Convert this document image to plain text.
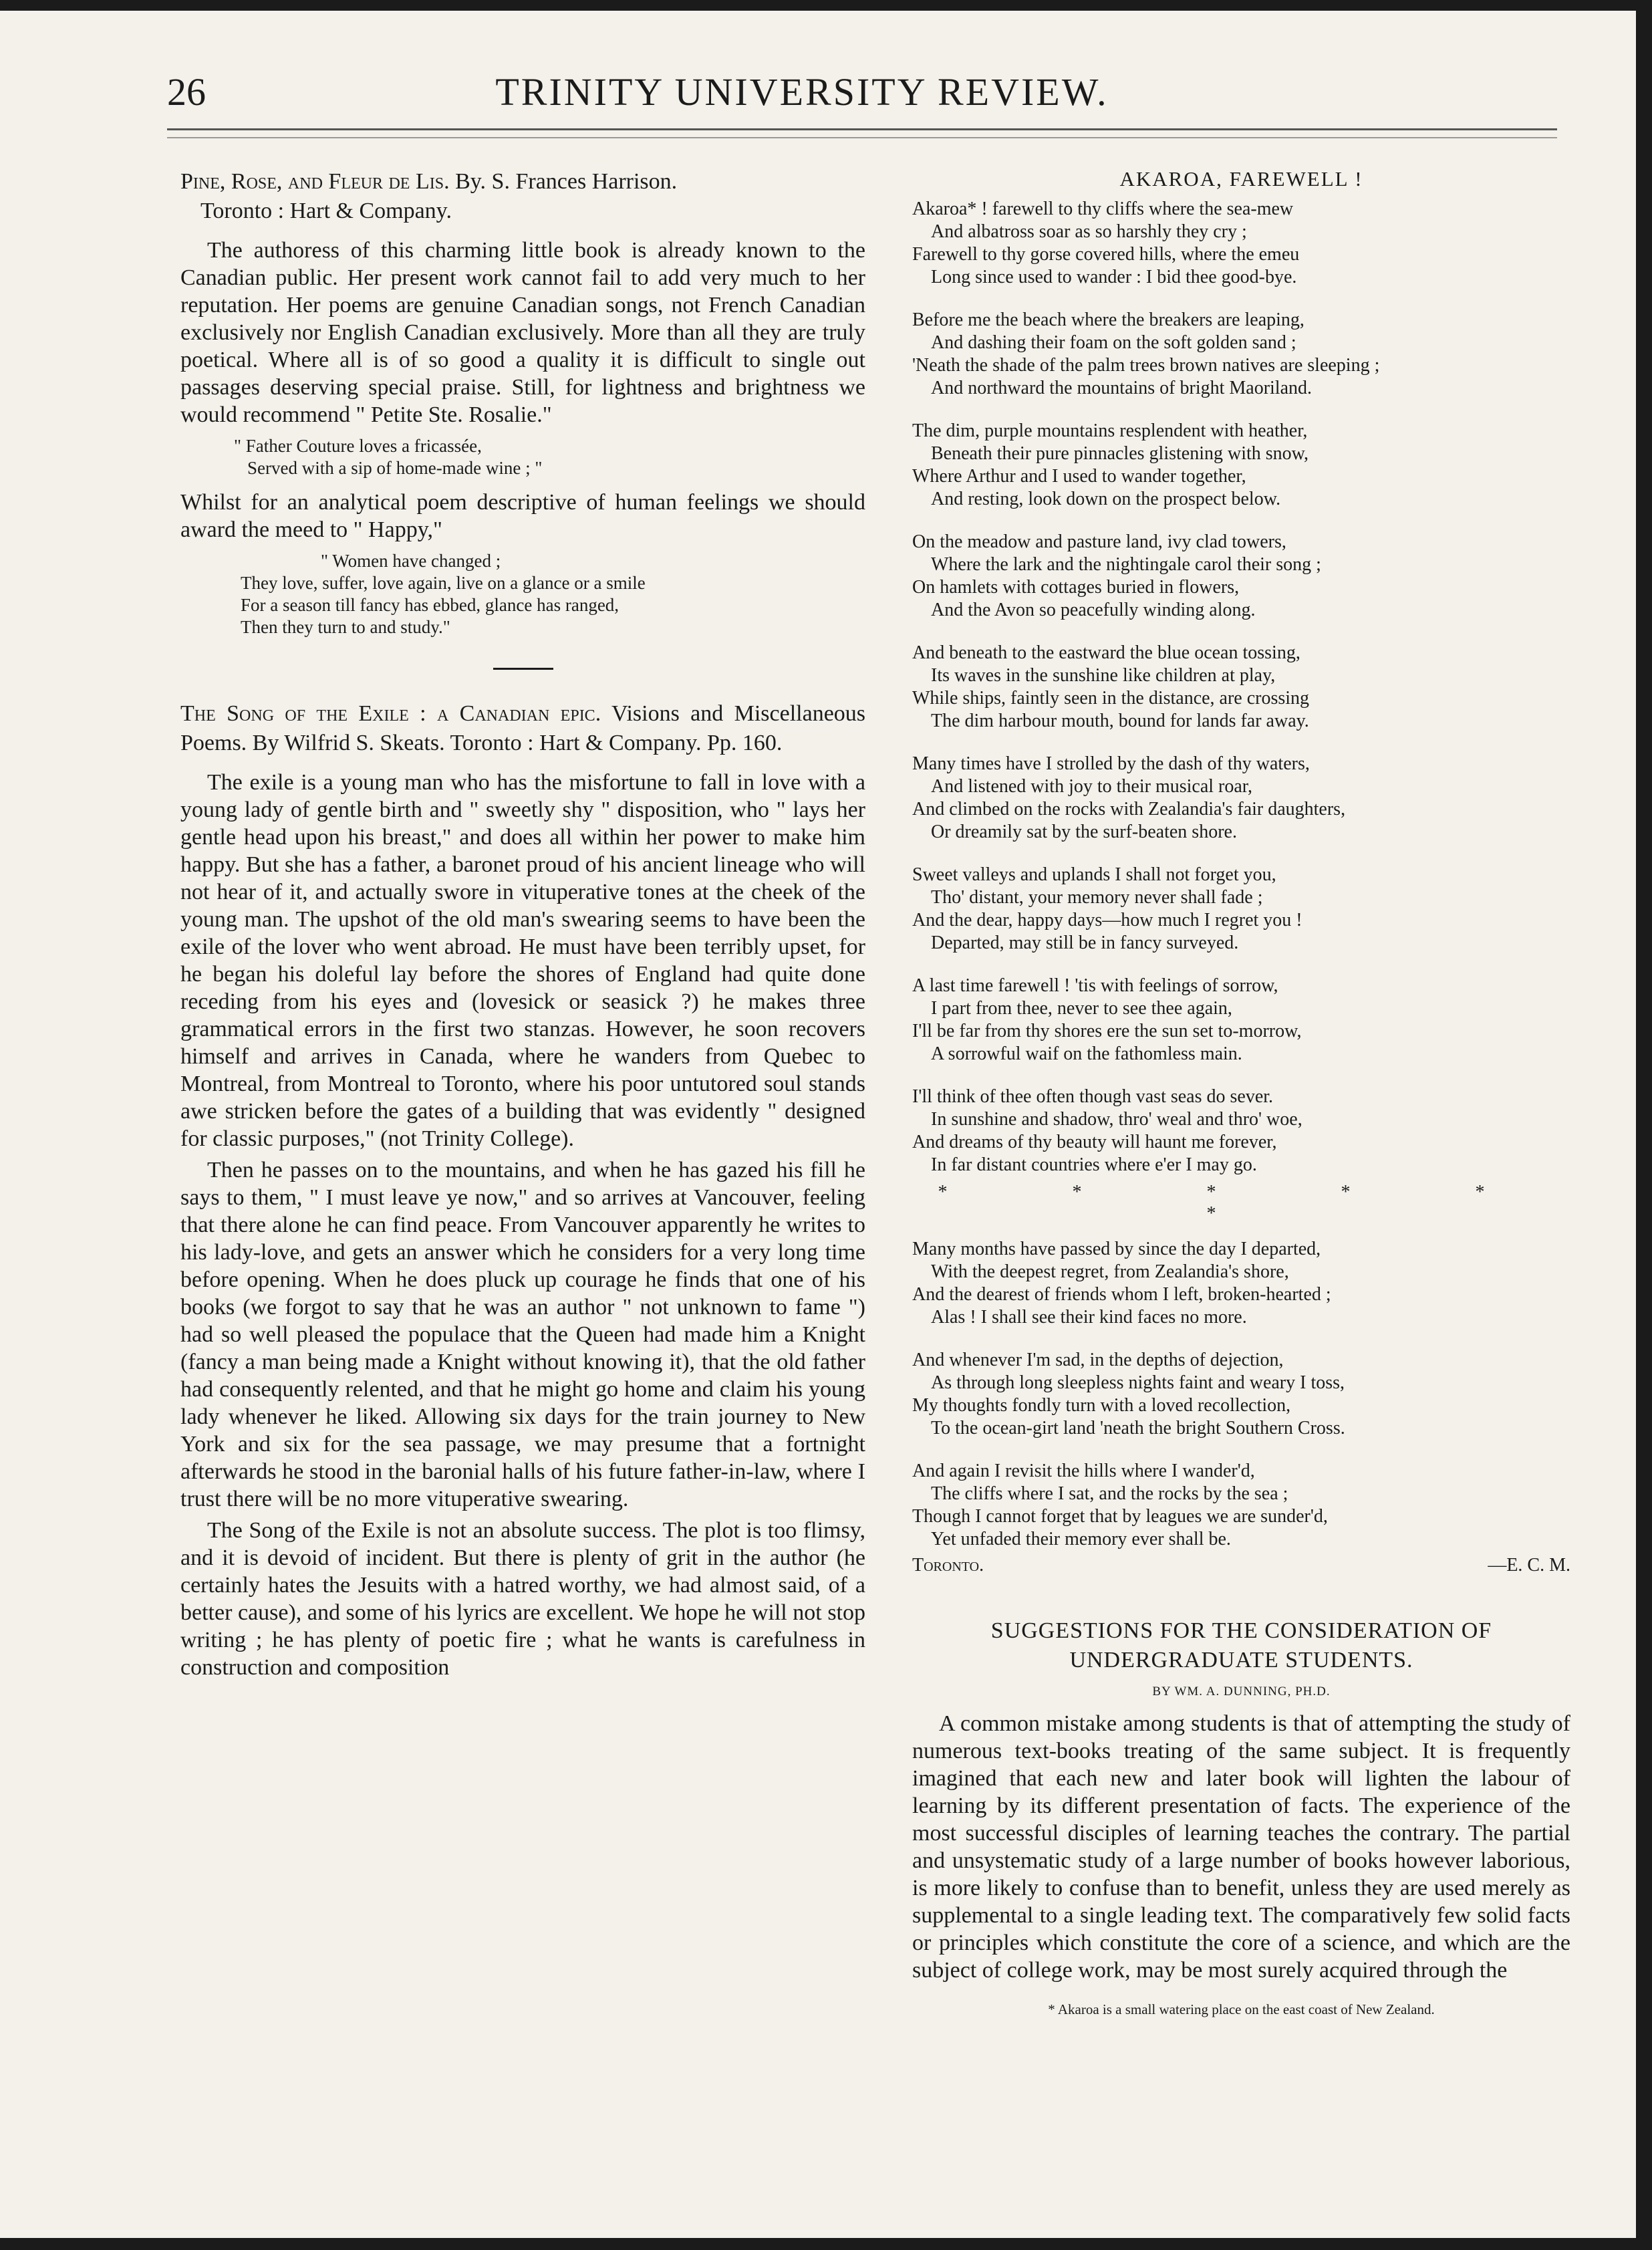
26	TRINITY UNIVERSITY REVIEW.
Pine, Rose, and Fleur de Lis. By. S. Frances Harrison.
Toronto : Hart & Company.

The authoress of this charming little book is already known to the Canadian public. Her present work cannot fail to add very much to her reputation. Her poems are genuine Canadian songs, not French Canadian exclusively nor English Canadian exclusively. More than all they are truly poetical. Where all is of so good a quality it is difficult to single out passages deserving special praise. Still, for lightness and brightness we would recommend " Petite Ste. Rosalie."

" Father Couture loves a fricassée,
Served with a sip of home-made wine ; "

Whilst for an analytical poem descriptive of human feelings we should award the meed to " Happy,"

" Women have changed ;
They love, suffer, love again, live on a glance or a smile
For a season till fancy has ebbed, glance has ranged,
Then they turn to and study."
The Song of the Exile : a Canadian epic. Visions and Miscellaneous Poems. By Wilfrid S. Skeats. Toronto : Hart & Company. Pp. 160.

The exile is a young man who has the misfortune to fall in love with a young lady of gentle birth and " sweetly shy " disposition, who " lays her gentle head upon his breast," and does all within her power to make him happy. But she has a father, a baronet proud of his ancient lineage who will not hear of it, and actually swore in vituperative tones at the cheek of the young man. The upshot of the old man's swearing seems to have been the exile of the lover who went abroad. He must have been terribly upset, for he began his doleful lay before the shores of England had quite done receding from his eyes and (lovesick or seasick ?) he makes three grammatical errors in the first two stanzas. However, he soon recovers himself and arrives in Canada, where he wanders from Quebec to Montreal, from Montreal to Toronto, where his poor untutored soul stands awe stricken before the gates of a building that was evidently " designed for classic purposes," (not Trinity College).

Then he passes on to the mountains, and when he has gazed his fill he says to them, " I must leave ye now," and so arrives at Vancouver, feeling that there alone he can find peace. From Vancouver apparently he writes to his lady-love, and gets an answer which he considers for a very long time before opening. When he does pluck up courage he finds that one of his books (we forgot to say that he was an author " not unknown to fame ") had so well pleased the populace that the Queen had made him a Knight (fancy a man being made a Knight without knowing it), that the old father had consequently relented, and that he might go home and claim his young lady whenever he liked. Allowing six days for the train journey to New York and six for the sea passage, we may presume that a fortnight afterwards he stood in the baronial halls of his future father-in-law, where I trust there will be no more vituperative swearing.

The Song of the Exile is not an absolute success. The plot is too flimsy, and it is devoid of incident. But there is plenty of grit in the author (he certainly hates the Jesuits with a hatred worthy, we had almost said, of a better cause), and some of his lyrics are excellent. We hope he will not stop writing ; he has plenty of poetic fire ; what he wants is carefulness in construction and composition

AKAROA, FAREWELL !
Akaroa* ! farewell to thy cliffs where the sea-mew
And albatross soar as so harshly they cry ;
Farewell to thy gorse covered hills, where the emeu
Long since used to wander : I bid thee good-bye.
Before me the beach where the breakers are leaping,
And dashing their foam on the soft golden sand ;
'Neath the shade of the palm trees brown natives are sleeping ;
And northward the mountains of bright Maoriland.
The dim, purple mountains resplendent with heather,
Beneath their pure pinnacles glistening with snow,
Where Arthur and I used to wander together,
And resting, look down on the prospect below.
On the meadow and pasture land, ivy clad towers,
Where the lark and the nightingale carol their song ;
On hamlets with cottages buried in flowers,
And the Avon so peacefully winding along.
And beneath to the eastward the blue ocean tossing,
Its waves in the sunshine like children at play,
While ships, faintly seen in the distance, are crossing
The dim harbour mouth, bound for lands far away.
Many times have I strolled by the dash of thy waters,
And listened with joy to their musical roar,
And climbed on the rocks with Zealandia's fair daughters,
Or dreamily sat by the surf-beaten shore.
Sweet valleys and uplands I shall not forget you,
Tho' distant, your memory never shall fade ;
And the dear, happy days—how much I regret you !
Departed, may still be in fancy surveyed.
A last time farewell ! 'tis with feelings of sorrow,
I part from thee, never to see thee again,
I'll be far from thy shores ere the sun set to-morrow,
A sorrowful waif on the fathomless main.
I'll think of thee often though vast seas do sever.
In sunshine and shadow, thro' weal and thro' woe,
And dreams of thy beauty will haunt me forever,
In far distant countries where e'er I may go.
* * * * * *
Many months have passed by since the day I departed,
With the deepest regret, from Zealandia's shore,
And the dearest of friends whom I left, broken-hearted ;
Alas ! I shall see their kind faces no more.
And whenever I'm sad, in the depths of dejection,
As through long sleepless nights faint and weary I toss,
My thoughts fondly turn with a loved recollection,
To the ocean-girt land 'neath the bright Southern Cross.
And again I revisit the hills where I wander'd,
The cliffs where I sat, and the rocks by the sea ;
Though I cannot forget that by leagues we are sunder'd,
Yet unfaded their memory ever shall be.
Toronto.	—E. C. M.
SUGGESTIONS FOR THE CONSIDERATION OF
UNDERGRADUATE STUDENTS.
BY WM. A. DUNNING, PH.D.

A common mistake among students is that of attempting the study of numerous text-books treating of the same subject. It is frequently imagined that each new and later book will lighten the labour of learning by its different presentation of facts. The experience of the most successful disciples of learning teaches the contrary. The partial and unsystematic study of a large number of books however laborious, is more likely to confuse than to benefit, unless they are used merely as supplemental to a single leading text. The comparatively few solid facts or principles which constitute the core of a science, and which are the subject of college work, may be most surely acquired through the

* Akaroa is a small watering place on the east coast of New Zealand.
